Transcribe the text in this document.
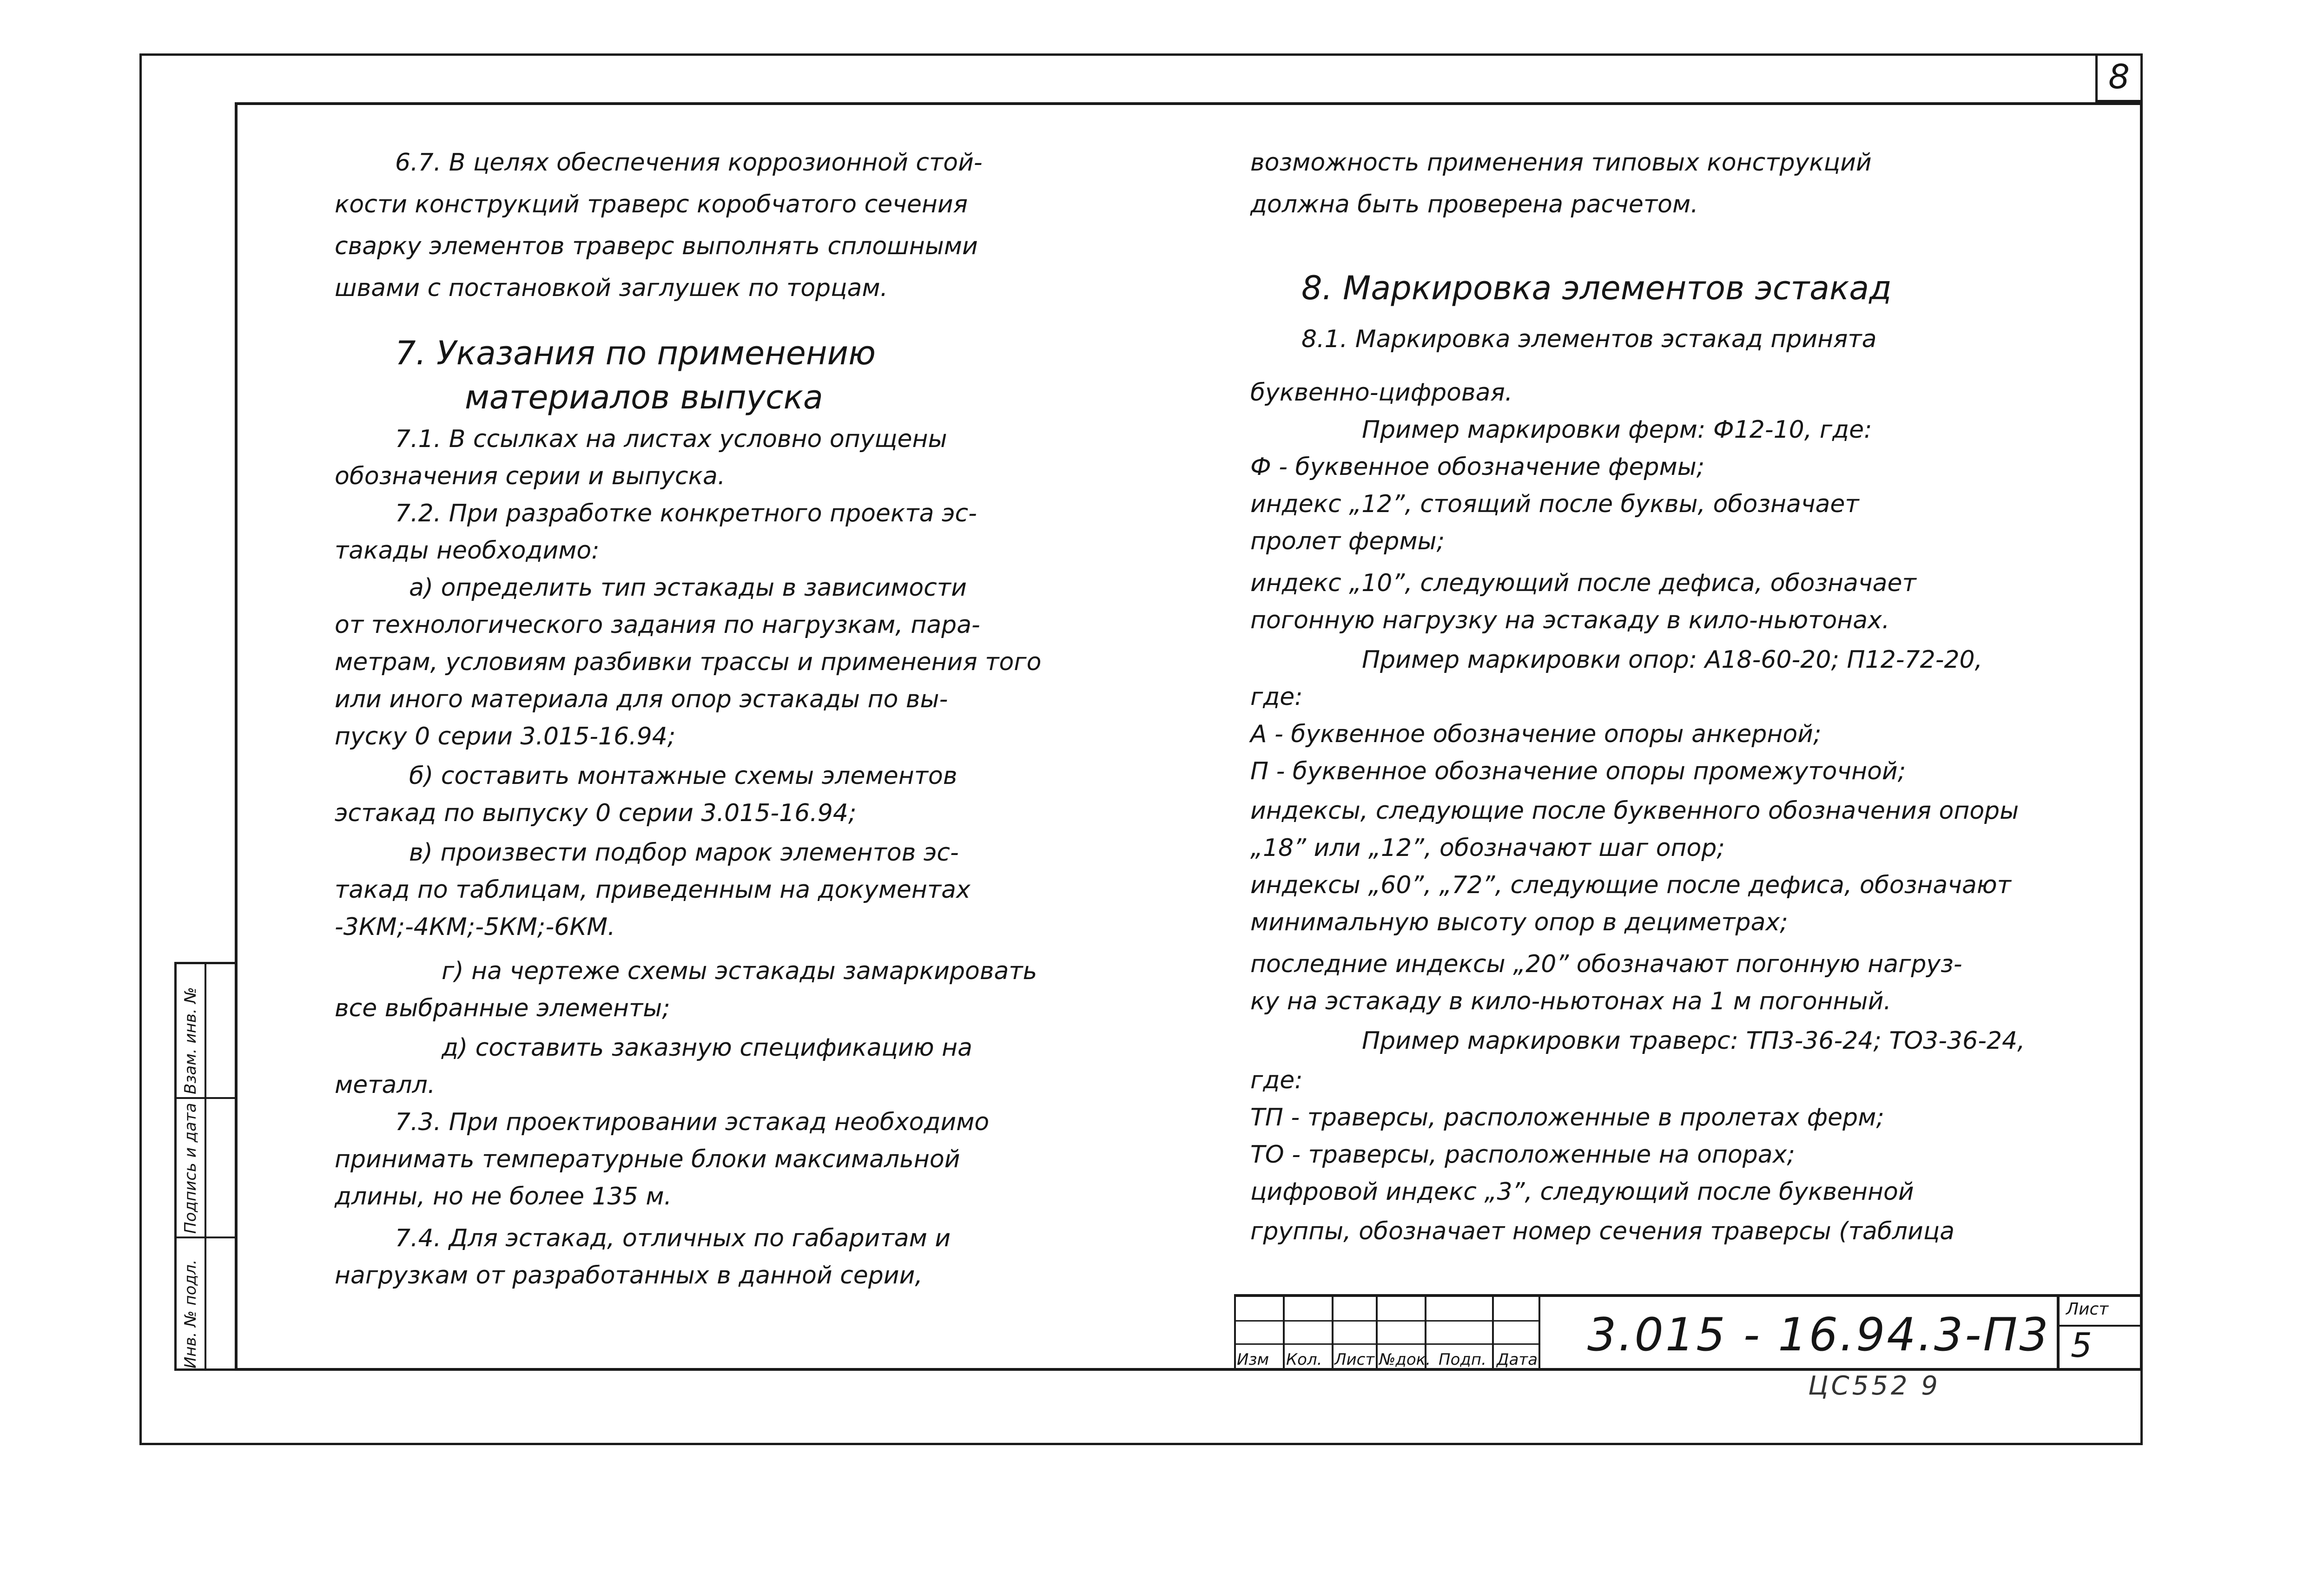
8
Инв. № подл.
Подпись и дата
Взам. инв. №
6.7. В целях обеспечения коррозионной стой-
кости конструкций траверс коробчатого сечения
сварку элементов траверс выполнять сплошными
швами с постановкой заглушек по торцам.
7. Указания по применению
материалов выпуска
7.1. В ссылках на листах условно опущены
обозначения серии и выпуска.
7.2. При разработке конкретного проекта эс-
такады необходимо:
а) определить тип эстакады в зависимости
от технологического задания по нагрузкам, пара-
метрам, условиям разбивки трассы и применения того
или иного материала для опор эстакады по вы-
пуску 0 серии 3.015-16.94;
б) составить монтажные схемы элементов
эстакад по выпуску 0 серии 3.015-16.94;
в) произвести подбор марок элементов эс-
такад по таблицам, приведенным на документах
-3КМ;-4КМ;-5КМ;-6КМ.
г) на чертеже схемы эстакады замаркировать
все выбранные элементы;
д) составить заказную спецификацию на
металл.
7.3. При проектировании эстакад необходимо
принимать температурные блоки максимальной
длины, но не более 135 м.
7.4. Для эстакад, отличных по габаритам и
нагрузкам от разработанных в данной серии,
возможность применения типовых конструкций
должна быть проверена расчетом.
8. Маркировка элементов эстакад
8.1. Маркировка элементов эстакад принята
буквенно-цифровая.
Пример маркировки ферм: Ф12-10, где:
Ф - буквенное обозначение фермы;
индекс „12”, стоящий после буквы, обозначает
пролет фермы;
индекс „10”, следующий после дефиса, обозначает
погонную нагрузку на эстакаду в кило-ньютонах.
Пример маркировки опор: А18-60-20; П12-72-20,
где:
А - буквенное обозначение опоры анкерной;
П - буквенное обозначение опоры промежуточной;
индексы, следующие после буквенного обозначения опоры
„18” или „12”, обозначают шаг опор;
индексы „60”, „72”, следующие после дефиса, обозначают
минимальную высоту опор в дециметрах;
последние индексы „20” обозначают погонную нагруз-
ку на эстакаду в кило-ньютонах на 1 м погонный.
Пример маркировки траверс: ТП3-36-24; ТО3-36-24,
где:
ТП - траверсы, расположенные в пролетах ферм;
ТО - траверсы, расположенные на опорах;
цифровой индекс „3”, следующий после буквенной
группы, обозначает номер сечения траверсы (таблица
Изм Кол. Лист №док. Подп. Дата 3.015 - 16.94.3-П3 Лист
5
ЦС552 9
